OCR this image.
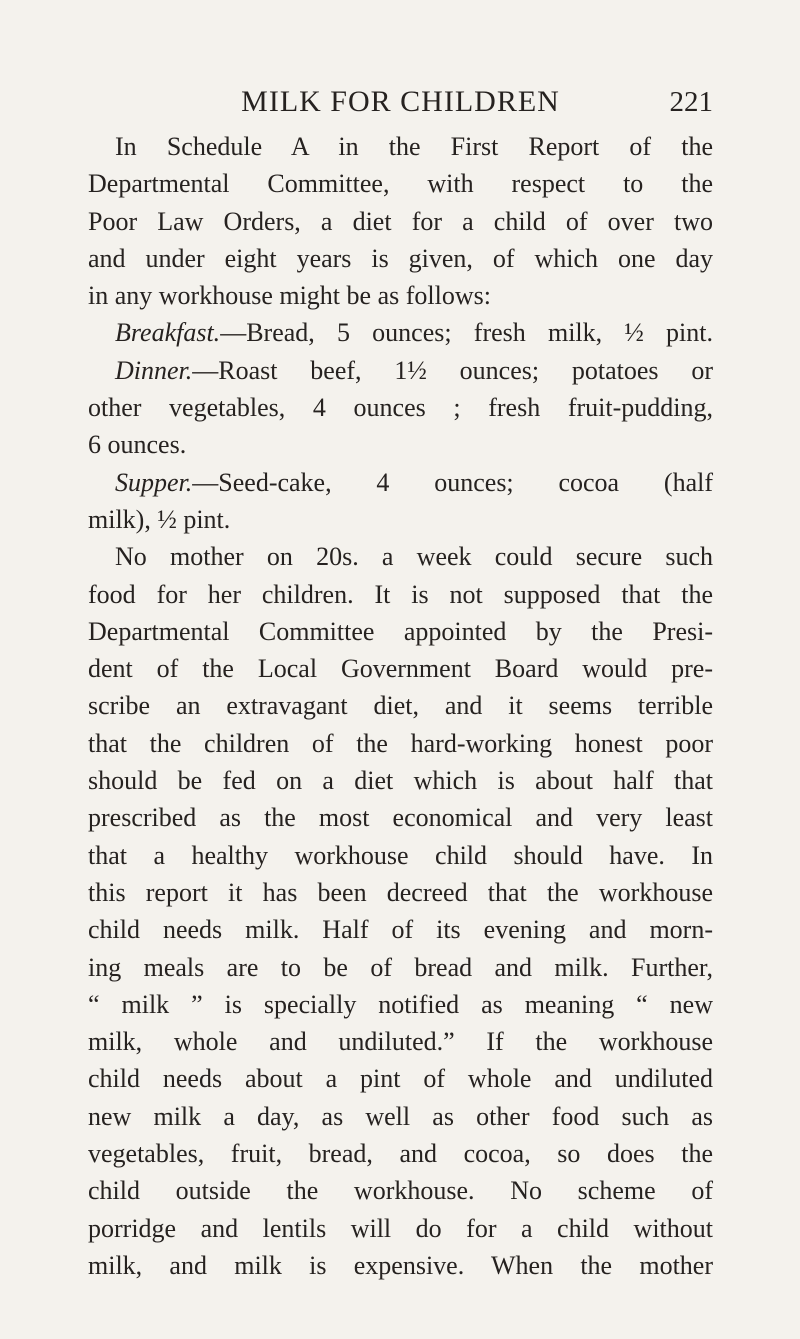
MILK FOR CHILDREN	221
In Schedule A in the First Report of the
Departmental Committee, with respect to the
Poor Law Orders, a diet for a child of over two
and under eight years is given, of which one day
in any workhouse might be as follows:
Breakfast.—Bread, 5 ounces; fresh milk, ½ pint.
Dinner.—Roast beef, 1½ ounces; potatoes or
other vegetables, 4 ounces ; fresh fruit-pudding,
6 ounces.
Supper.—Seed-cake, 4 ounces; cocoa (half
milk), ½ pint.
No mother on 20s. a week could secure such
food for her children. It is not supposed that the
Departmental Committee appointed by the Presi-
dent of the Local Government Board would pre-
scribe an extravagant diet, and it seems terrible
that the children of the hard-working honest poor
should be fed on a diet which is about half that
prescribed as the most economical and very least
that a healthy workhouse child should have. In
this report it has been decreed that the workhouse
child needs milk. Half of its evening and morn-
ing meals are to be of bread and milk. Further,
“ milk ” is specially notified as meaning “ new
milk, whole and undiluted.” If the workhouse
child needs about a pint of whole and undiluted
new milk a day, as well as other food such as
vegetables, fruit, bread, and cocoa, so does the
child outside the workhouse. No scheme of
porridge and lentils will do for a child without
milk, and milk is expensive. When the mother
